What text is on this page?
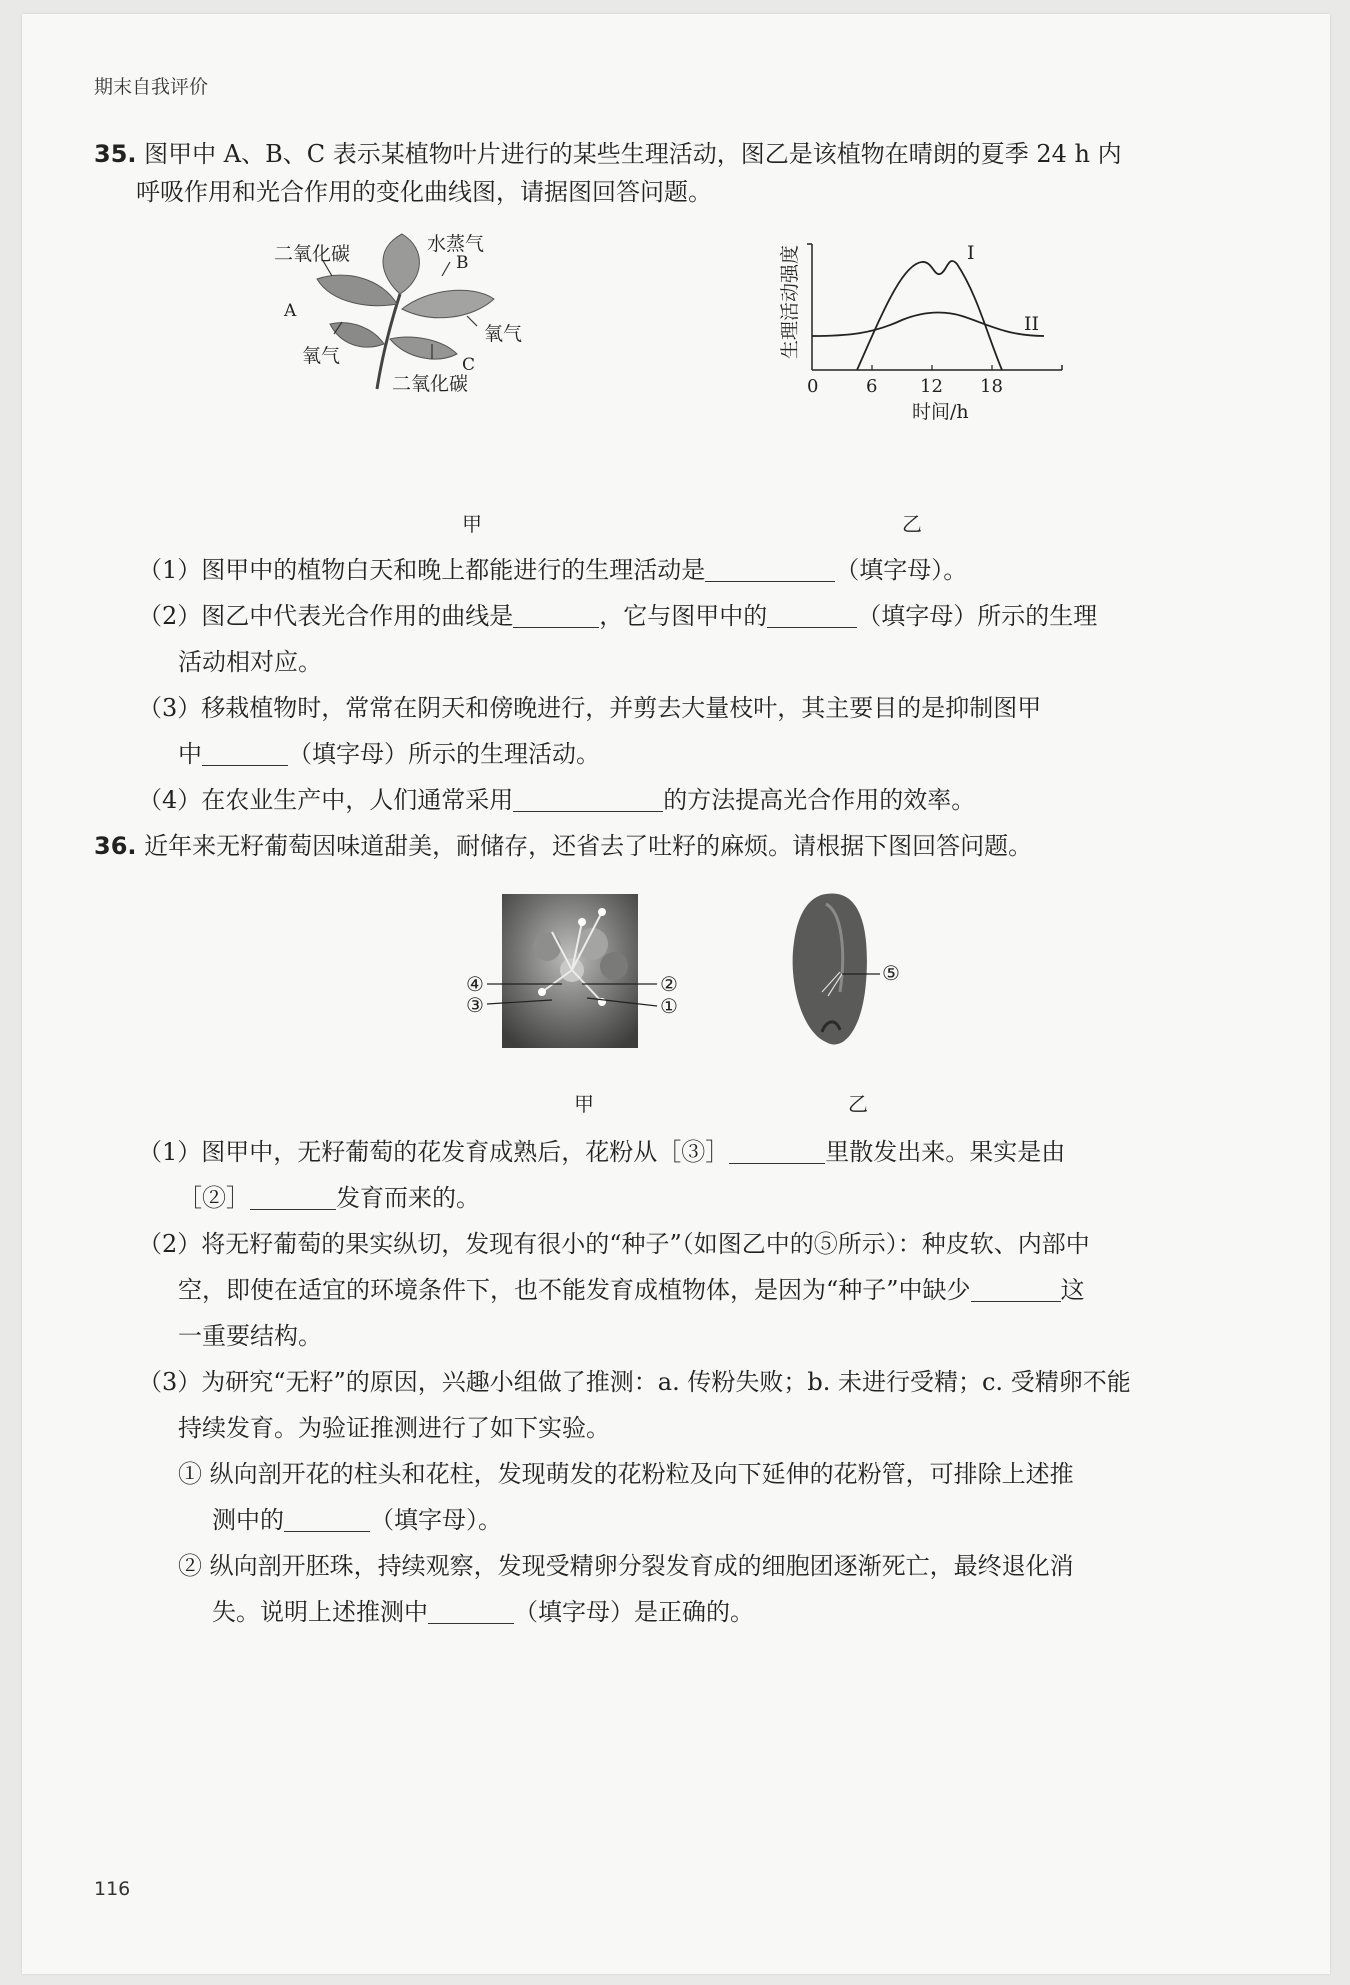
期末自我评价
35. 图甲中 A、B、C 表示某植物叶片进行的某些生理活动，图乙是该植物在晴朗的夏季 24 h 内
呼吸作用和光合作用的变化曲线图，请据图回答问题。
二氧化碳	水蒸气
B
A
氧气
氧气
C
二氧化碳
甲
I
II
0	6 12 18
时间/h
生理活动强度
乙
（1）图甲中的植物白天和晚上都能进行的生理活动是	（填字母）。
（2）图乙中代表光合作用的曲线是	，它与图甲中的	（填字母）所示的生理
活动相对应。
（3）移栽植物时，常常在阴天和傍晚进行，并剪去大量枝叶，其主要目的是抑制图甲
中	（填字母）所示的生理活动。
（4）在农业生产中，人们通常采用	的方法提高光合作用的效率。
36. 近年来无籽葡萄因味道甜美，耐储存，还省去了吐籽的麻烦。请根据下图回答问题。
④
③
②
①
甲
⑤
乙
（1）图甲中，无籽葡萄的花发育成熟后，花粉从［③］	里散发出来。果实是由
［②］	发育而来的。
（2）将无籽葡萄的果实纵切，发现有很小的“种子”（如图乙中的⑤所示）：种皮软、内部中
空，即使在适宜的环境条件下，也不能发育成植物体，是因为“种子”中缺少	这
一重要结构。
（3）为研究“无籽”的原因，兴趣小组做了推测：a. 传粉失败；b. 未进行受精；c. 受精卵不能
持续发育。为验证推测进行了如下实验。
① 纵向剖开花的柱头和花柱，发现萌发的花粉粒及向下延伸的花粉管，可排除上述推
测中的	（填字母）。
② 纵向剖开胚珠，持续观察，发现受精卵分裂发育成的细胞团逐渐死亡，最终退化消
失。说明上述推测中	（填字母）是正确的。
116
